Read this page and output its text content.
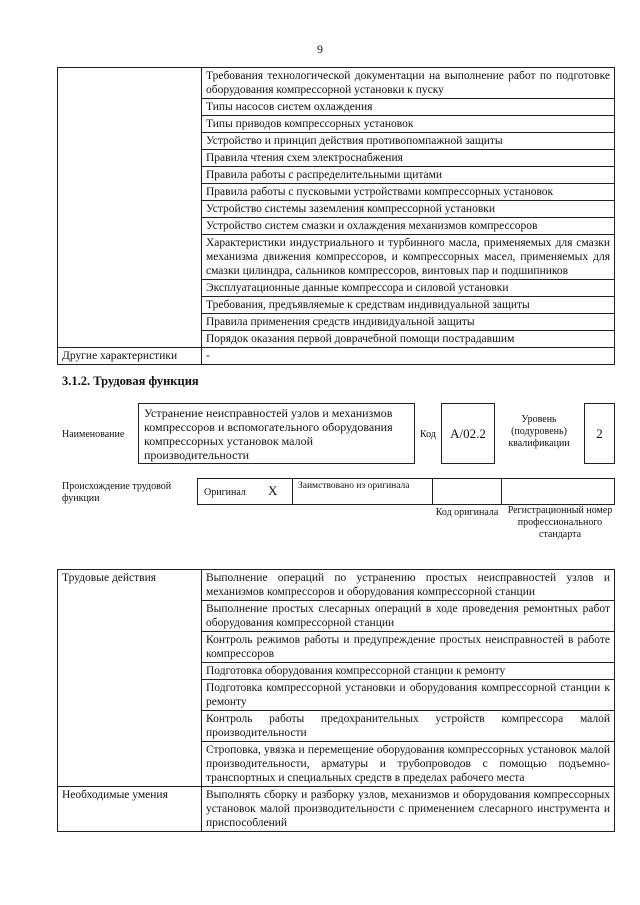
9
	Требования технологической документации на выполнение работ по подготовке оборудования компрессорной установки к пуску
	Типы насосов систем охлаждения
	Типы приводов компрессорных установок
	Устройство и принцип действия противопомпажной защиты
	Правила чтения схем электроснабжения
	Правила работы с распределительными щитами
	Правила работы с пусковыми устройствами компрессорных установок
	Устройство системы заземления компрессорной установки
	Устройство систем смазки и охлаждения механизмов компрессоров
	Характеристики индустриального и турбинного масла, применяемых для смазки механизма движения компрессоров, и компрессорных масел, применяемых для смазки цилиндра, сальников компрессоров, винтовых пар и подшипников
	Эксплуатационные данные компрессора и силовой установки
	Требования, предъявляемые к средствам индивидуальной защиты
	Правила применения средств индивидуальной защиты
	Порядок оказания первой доврачебной помощи пострадавшим
Другие характеристики	-
3.1.2. Трудовая функция
Наименование
Устранение неисправностей узлов и механизмов компрессоров и вспомогательного оборудования компрессорных установок малой производительности
Код	А/02.2
Уровень (подуровень) квалификации
2
Происхождение трудовой функции
Оригинал X Заимствовано из оригинала
Код оригинала Регистрационный номер профессионального стандарта
Трудовые действия	Выполнение операций по устранению простых неисправностей узлов и механизмов компрессоров и оборудования компрессорной станции
	Выполнение простых слесарных операций в ходе проведения ремонтных работ оборудования компрессорной станции
	Контроль режимов работы и предупреждение простых неисправностей в работе компрессоров
	Подготовка оборудования компрессорной станции к ремонту
	Подготовка компрессорной установки и оборудования компрессорной станции к ремонту
	Контроль работы предохранительных устройств компрессора малой производительности
	Строповка, увязка и перемещение оборудования компрессорных установок малой производительности, арматуры и трубопроводов с помощью подъемно-транспортных и специальных средств в пределах рабочего места
Необходимые умения	Выполнять сборку и разборку узлов, механизмов и оборудования компрессорных установок малой производительности с применением слесарного инструмента и приспособлений
